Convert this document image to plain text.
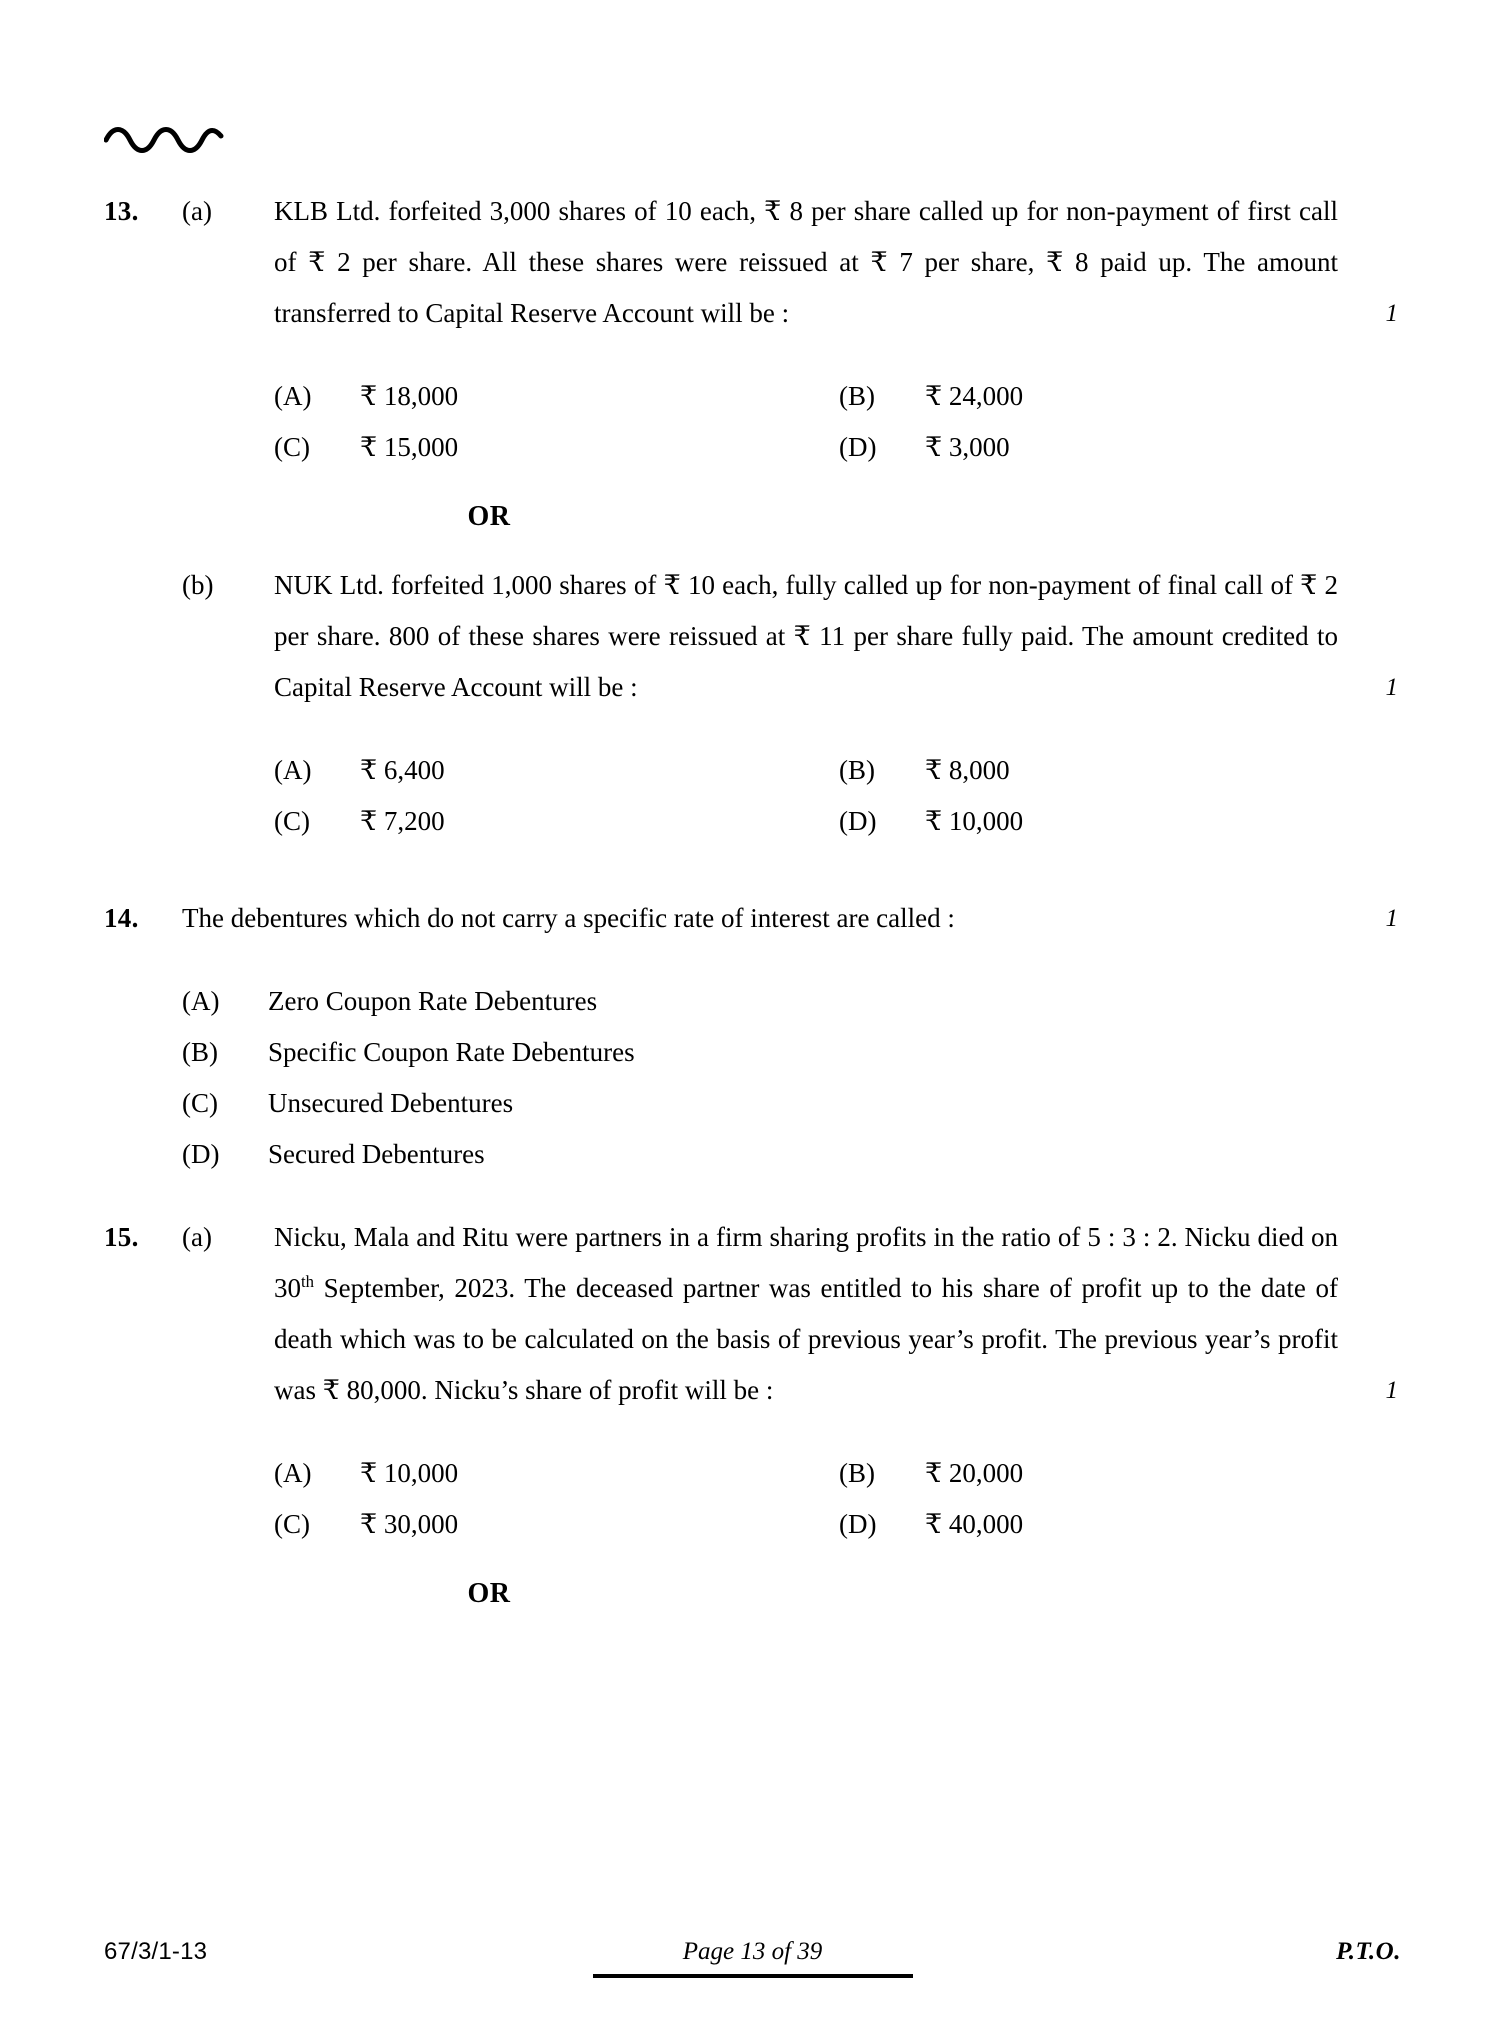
13.	(a)	KLB Ltd. forfeited 3,000 shares of 10 each, ₹ 8 per share called up for non-payment of first call of ₹ 2 per share. All these shares were reissued at ₹ 7 per share, ₹ 8 paid up. The amount transferred to Capital Reserve Account will be :	1
(A)	₹ 18,000	(B)	₹ 24,000
(C)	₹ 15,000	(D)	₹ 3,000
OR
(b)	NUK Ltd. forfeited 1,000 shares of ₹ 10 each, fully called up for non-payment of final call of ₹ 2 per share. 800 of these shares were reissued at ₹ 11 per share fully paid. The amount credited to Capital Reserve Account will be :	1
(A)	₹ 6,400	(B)	₹ 8,000
(C)	₹ 7,200	(D)	₹ 10,000
14.	The debentures which do not carry a specific rate of interest are called :	1
(A)	Zero Coupon Rate Debentures
(B)	Specific Coupon Rate Debentures
(C)	Unsecured Debentures
(D)	Secured Debentures
15.	(a)	Nicku, Mala and Ritu were partners in a firm sharing profits in the ratio of 5 : 3 : 2. Nicku died on 30th September, 2023. The deceased partner was entitled to his share of profit up to the date of death which was to be calculated on the basis of previous year’s profit. The previous year’s profit was ₹ 80,000. Nicku’s share of profit will be :	1
(A)	₹ 10,000	(B)	₹ 20,000
(C)	₹ 30,000	(D)	₹ 40,000
OR
67/3/1-13	Page 13 of 39	P.T.O.
